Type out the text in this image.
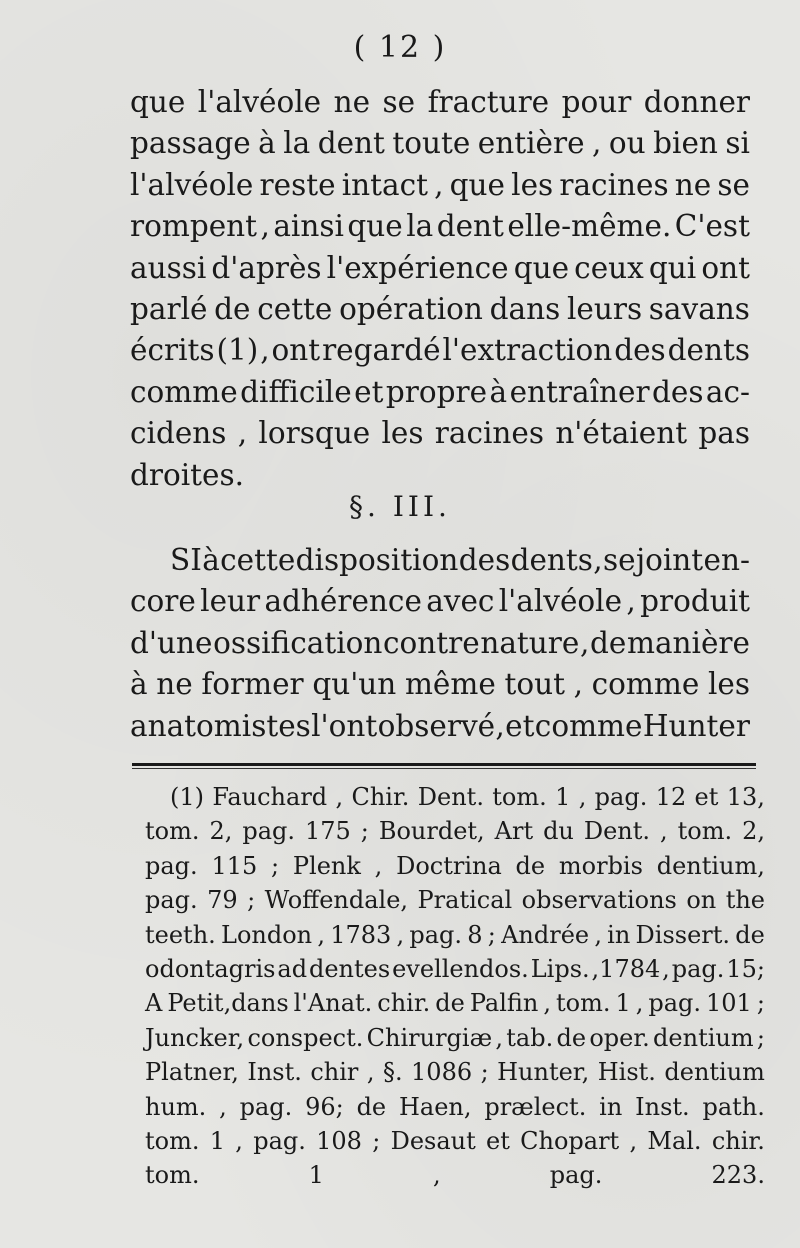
( 12 )
que l'alvéole ne se fracture pour donner
passage à la dent toute entière , ou bien si
l'alvéole reste intact , que les racines ne se
rompent , ainsi que la dent elle-même. C'est
aussi d'après l'expérience que ceux qui ont
parlé de cette opération dans leurs savans
écrits (1) , ont regardé l'extraction des dents
comme difficile et propre à entraîner des ac-
cidens , lorsque les racines n'étaient pas
droites.
§. III.
SI à cette disposition des dents , se joint en-
core leur adhérence avec l'alvéole , produit
d'une ossification contre nature , de manière
à ne former qu'un même tout , comme les
anatomistes l'ont observé , et comme Hunter
(1) Fauchard , Chir. Dent. tom. 1 , pag. 12 et 13,
tom. 2, pag. 175 ; Bourdet, Art du Dent. , tom. 2,
pag. 115 ; Plenk , Doctrina de morbis dentium,
pag. 79 ; Woffendale, Pratical observations on the
teeth. London , 1783 , pag. 8 ; Andrée , in Dissert. de
odontagris ad dentes evellendos. Lips. ,1784 , pag. 15;
A Petit,dans l'Anat. chir. de Palfin , tom. 1 , pag. 101 ;
Juncker, conspect. Chirurgiæ , tab. de oper. dentium ;
Platner, Inst. chir , §. 1086 ; Hunter, Hist. dentium
hum. , pag. 96; de Haen, prælect. in Inst. path.
tom. 1 , pag. 108 ; Desaut et Chopart , Mal. chir.
tom.	1	,	pag.	223.
